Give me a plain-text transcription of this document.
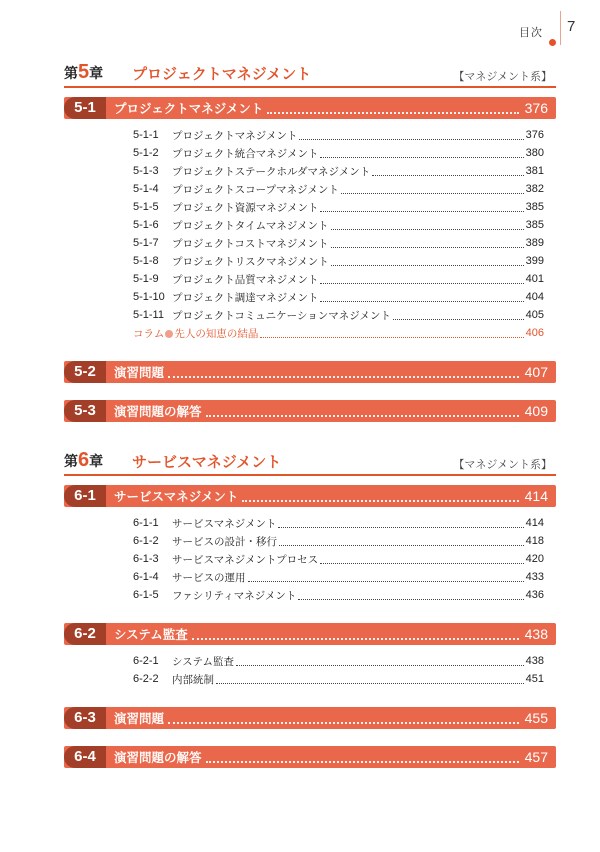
目次 7
第5章 プロジェクトマネジメント	【マネジメント系】
5-1	プロジェクトマネジメント	376
5-1-1	プロジェクトマネジメント	376
5-1-2	プロジェクト統合マネジメント	380
5-1-3	プロジェクトステークホルダマネジメント	381
5-1-4	プロジェクトスコープマネジメント	382
5-1-5	プロジェクト資源マネジメント	385
5-1-6	プロジェクトタイムマネジメント	385
5-1-7	プロジェクトコストマネジメント	389
5-1-8	プロジェクトリスクマネジメント	399
5-1-9	プロジェクト品質マネジメント	401
5-1-10 プロジェクト調達マネジメント	404
5-1-11 プロジェクトコミュニケーションマネジメント	405
コラム 先人の知恵の結晶	406
5-2	演習問題	407
5-3	演習問題の解答	409
第6章 サービスマネジメント	【マネジメント系】
6-1	サービスマネジメント	414
6-1-1	サービスマネジメント	414
6-1-2	サービスの設計・移行	418
6-1-3	サービスマネジメントプロセス	420
6-1-4	サービスの運用	433
6-1-5	ファシリティマネジメント	436
6-2	システム監査	438
6-2-1	システム監査	438
6-2-2	内部統制	451
6-3	演習問題	455
6-4	演習問題の解答	457
